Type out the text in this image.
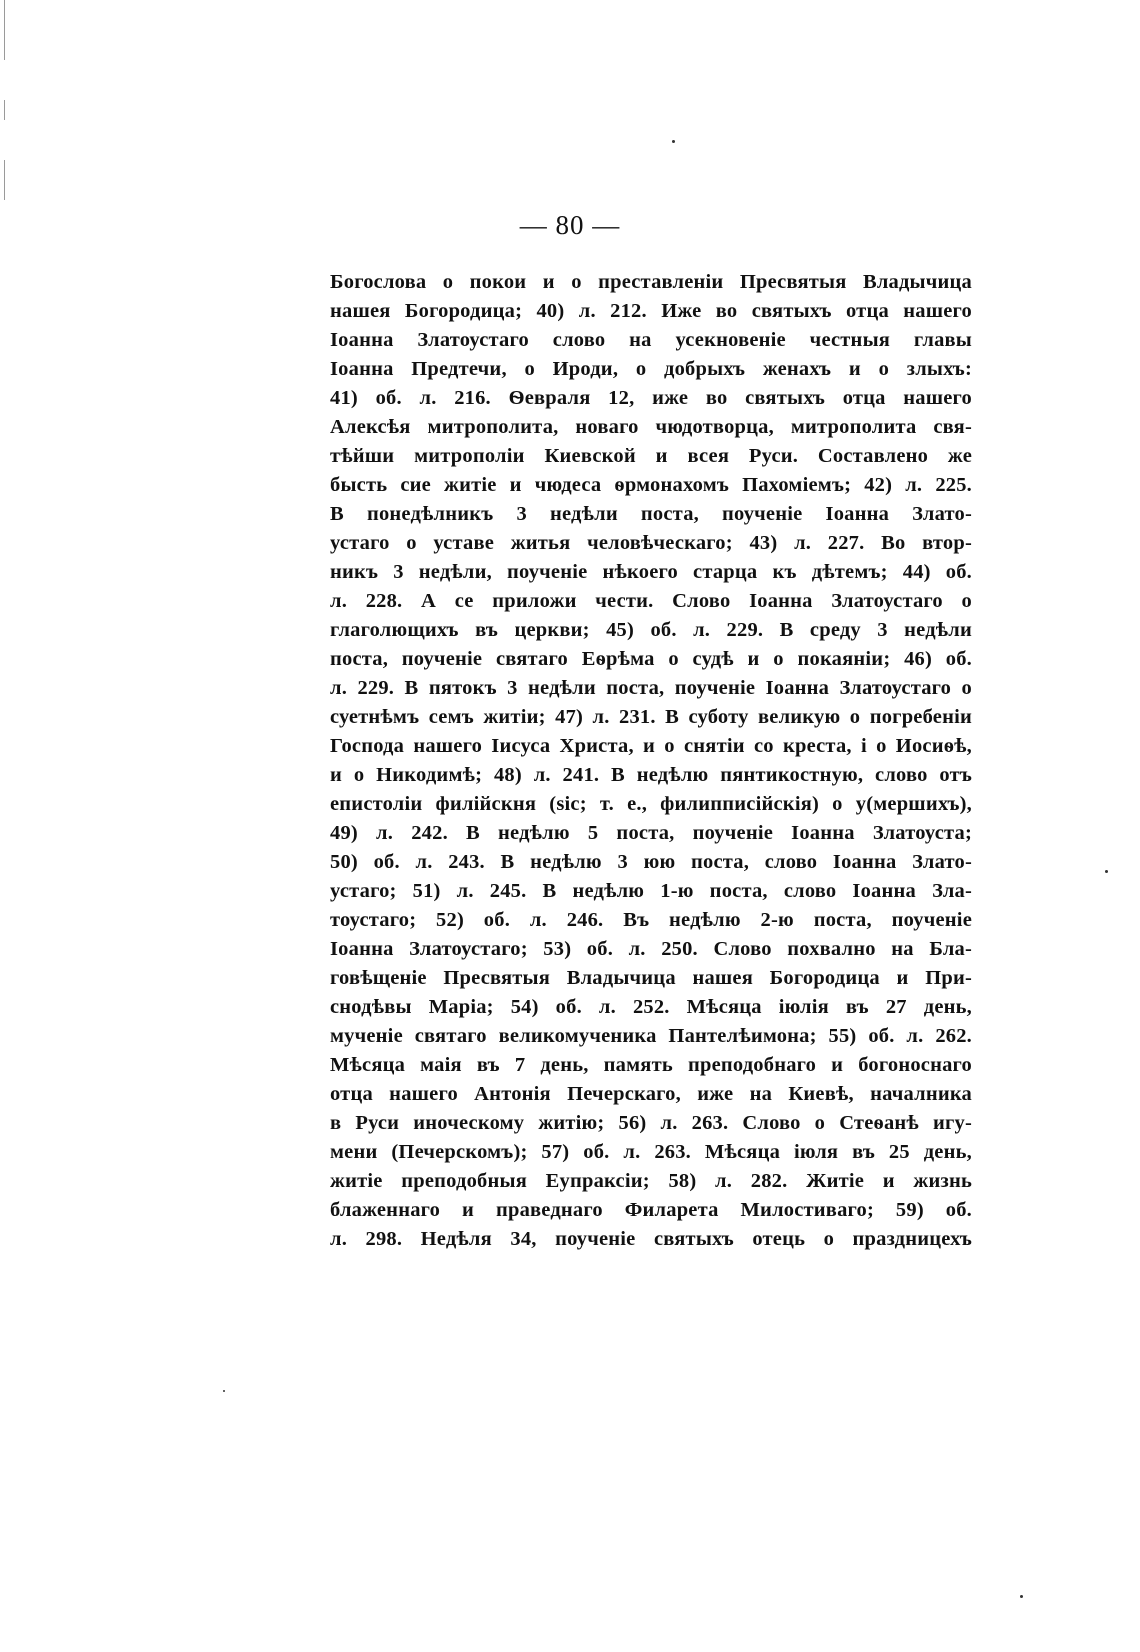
— 80 —
Богослова о покои и о преставленіи Пресвятыя Владычица
нашея Богородица; 40) л. 212. Иже во святыхъ отца нашего
Іоанна Златоустаго слово на усекновеніе честныя главы
Іоанна Предтечи, о Ироди, о добрыхъ женахъ и о злыхъ:
41) об. л. 216. Ѳевраля 12, иже во святыхъ отца нашего
Алексѣя митрополита, новаго чюдотворца, митрополита свя-
тѣйши митрополіи Киевской и всея Руси. Составлено же
бысть сие житіе и чюдеса ѳрмонахомъ Пахоміемъ; 42) л. 225.
В понедѣлникъ 3 недѣли поста, поученіе Іоанна Злато-
устаго о уставе житья человѣческаго; 43) л. 227. Во втор-
никъ 3 недѣли, поученіе нѣкоего старца къ дѣтемъ; 44) об.
л. 228. А се приложи чести. Слово Іоанна Златоустаго о
глаголющихъ въ церкви; 45) об. л. 229. В среду 3 недѣли
поста, поученіе святаго Еѳрѣма о судѣ и о покаяніи; 46) об.
л. 229. В пятокъ 3 недѣли поста, поученіе Іоанна Златоустаго о
суетнѣмъ семъ житіи; 47) л. 231. В суботу великую о погребеніи
Господа нашего Іисуса Христа, и о снятіи со креста, і о Иосиѳѣ,
и о Никодимѣ; 48) л. 241. В недѣлю пянтикостную, слово отъ
епистоліи филійскня (sic; т. е., филипписійскія) о у(мершихъ),
49) л. 242. В недѣлю 5 поста, поученіе Іоанна Златоуста;
50) об. л. 243. В недѣлю 3 юю поста, слово Іоанна Злато-
устаго; 51) л. 245. В недѣлю 1-ю поста, слово Іоанна Зла-
тоустаго; 52) об. л. 246. Въ недѣлю 2-ю поста, поученіе
Іоанна Златоустаго; 53) об. л. 250. Слово похвално на Бла-
говѣщеніе Пресвятыя Владычица нашея Богородица и При-
снодѣвы Маріа; 54) об. л. 252. Мѣсяца іюлія въ 27 день,
мученіе святаго великомученика Пантелѣимона; 55) об. л. 262.
Мѣсяца маія въ 7 день, память преподобнаго и богоноснаго
отца нашего Антонія Печерскаго, иже на Киевѣ, началника
в Руси иноческому житію; 56) л. 263. Слово о Стеѳанѣ игу-
мени (Печерскомъ); 57) об. л. 263. Мѣсяца іюля въ 25 день,
житіе преподобныя Еупраксіи; 58) л. 282. Житіе и жизнь
блаженнаго и праведнаго Филарета Милостиваго; 59) об.
л. 298. Недѣля 34, поученіе святыхъ отець о праздницехъ
